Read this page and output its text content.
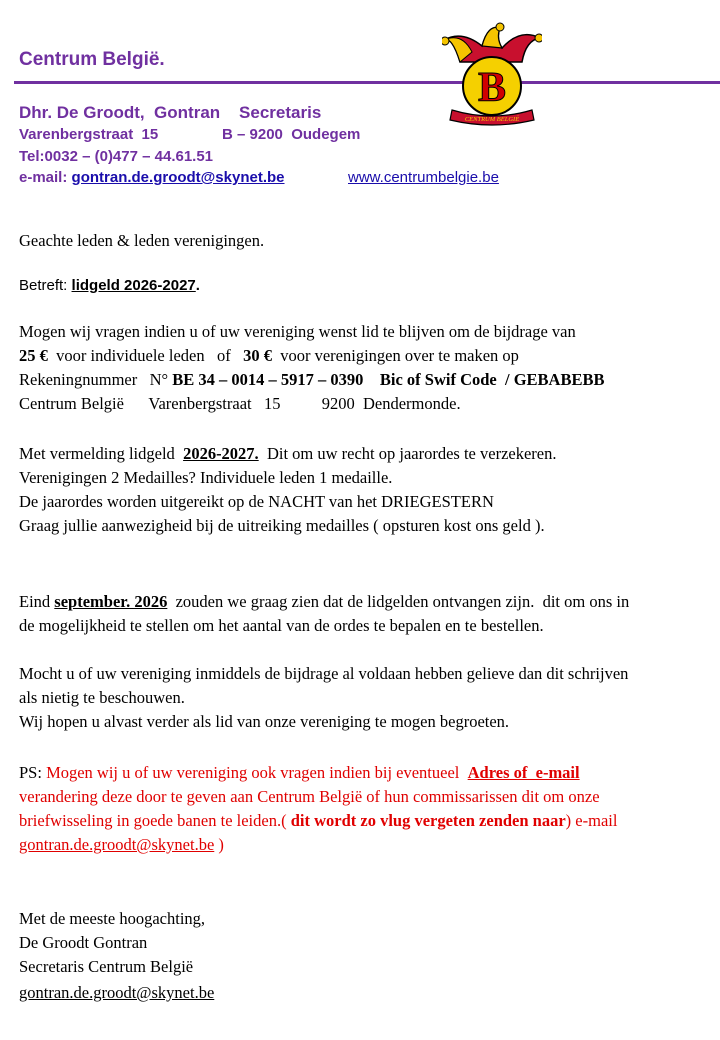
Centrum België.
B
CENTRUM BELGIË
Dhr. De Groodt,  Gontran    Secretaris
Varenbergstraat  15	B – 9200  Oudegem
Tel:0032 – (0)477 – 44.61.51
e-mail: gontran.de.groodt@skynet.be	www.centrumbelgie.be
Geachte leden & leden verenigingen.
Betreft: lidgeld 2026-2027.
Mogen wij vragen indien u of uw vereniging wenst lid te blijven om de bijdrage van
25 €  voor individuele leden   of   30 €  voor verenigingen over te maken op
Rekeningnummer   N° BE 34 – 0014 – 5917 – 0390    Bic of Swif Code  / GEBABEBB
Centrum België      Varenbergstraat   15          9200  Dendermonde.
Met vermelding lidgeld  2026-2027.  Dit om uw recht op jaarordes te verzekeren.
Verenigingen 2 Medailles? Individuele leden 1 medaille.
De jaarordes worden uitgereikt op de NACHT van het DRIEGESTERN
Graag jullie aanwezigheid bij de uitreiking medailles ( opsturen kost ons geld ).
Eind september. 2026  zouden we graag zien dat de lidgelden ontvangen zijn.  dit om ons in
de mogelijkheid te stellen om het aantal van de ordes te bepalen en te bestellen.
Mocht u of uw vereniging inmiddels de bijdrage al voldaan hebben gelieve dan dit schrijven
als nietig te beschouwen.
Wij hopen u alvast verder als lid van onze vereniging te mogen begroeten.
PS: Mogen wij u of uw vereniging ook vragen indien bij eventueel  Adres of  e-mail
verandering deze door te geven aan Centrum België of hun commissarissen dit om onze
briefwisseling in goede banen te leiden.( dit wordt zo vlug vergeten zenden naar) e-mail
gontran.de.groodt@skynet.be )
Met de meeste hoogachting,
De Groodt Gontran
Secretaris Centrum België
gontran.de.groodt@skynet.be
